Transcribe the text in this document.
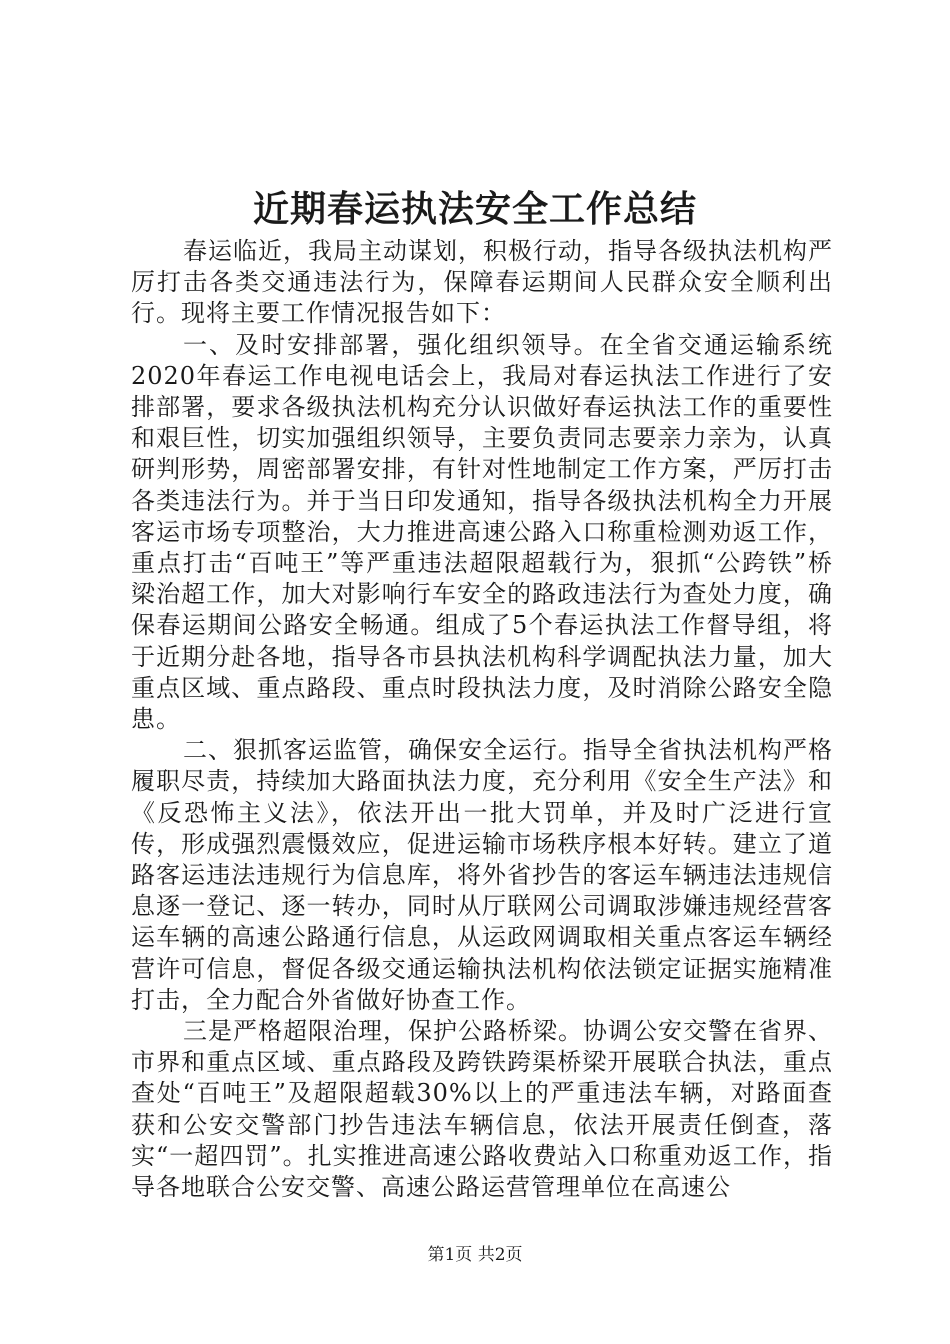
近期春运执法安全工作总结

春运临近，我局主动谋划，积极行动，指导各级执法机构严厉打击各类交通违法行为，保障春运期间人民群众安全顺利出行。现将主要工作情况报告如下：

一、及时安排部署，强化组织领导。在全省交通运输系统2020年春运工作电视电话会上，我局对春运执法工作进行了安排部署，要求各级执法机构充分认识做好春运执法工作的重要性和艰巨性，切实加强组织领导，主要负责同志要亲力亲为，认真研判形势，周密部署安排，有针对性地制定工作方案，严厉打击各类违法行为。并于当日印发通知，指导各级执法机构全力开展客运市场专项整治，大力推进高速公路入口称重检测劝返工作，重点打击“百吨王”等严重违法超限超载行为，狠抓“公跨铁”桥梁治超工作，加大对影响行车安全的路政违法行为查处力度，确保春运期间公路安全畅通。组成了5个春运执法工作督导组，将于近期分赴各地，指导各市县执法机构科学调配执法力量，加大重点区域、重点路段、重点时段执法力度，及时消除公路安全隐患。

二、狠抓客运监管，确保安全运行。指导全省执法机构严格履职尽责，持续加大路面执法力度，充分利用《安全生产法》和《反恐怖主义法》，依法开出一批大罚单，并及时广泛进行宣传，形成强烈震慑效应，促进运输市场秩序根本好转。建立了道路客运违法违规行为信息库，将外省抄告的客运车辆违法违规信息逐一登记、逐一转办，同时从厅联网公司调取涉嫌违规经营客运车辆的高速公路通行信息，从运政网调取相关重点客运车辆经营许可信息，督促各级交通运输执法机构依法锁定证据实施精准打击，全力配合外省做好协查工作。

三是严格超限治理，保护公路桥梁。协调公安交警在省界、市界和重点区域、重点路段及跨铁跨渠桥梁开展联合执法，重点查处“百吨王”及超限超载30%以上的严重违法车辆，对路面查获和公安交警部门抄告违法车辆信息，依法开展责任倒查，落实“一超四罚”。扎实推进高速公路收费站入口称重劝返工作，指导各地联合公安交警、高速公路运营管理单位在高速公

第1页 共2页
